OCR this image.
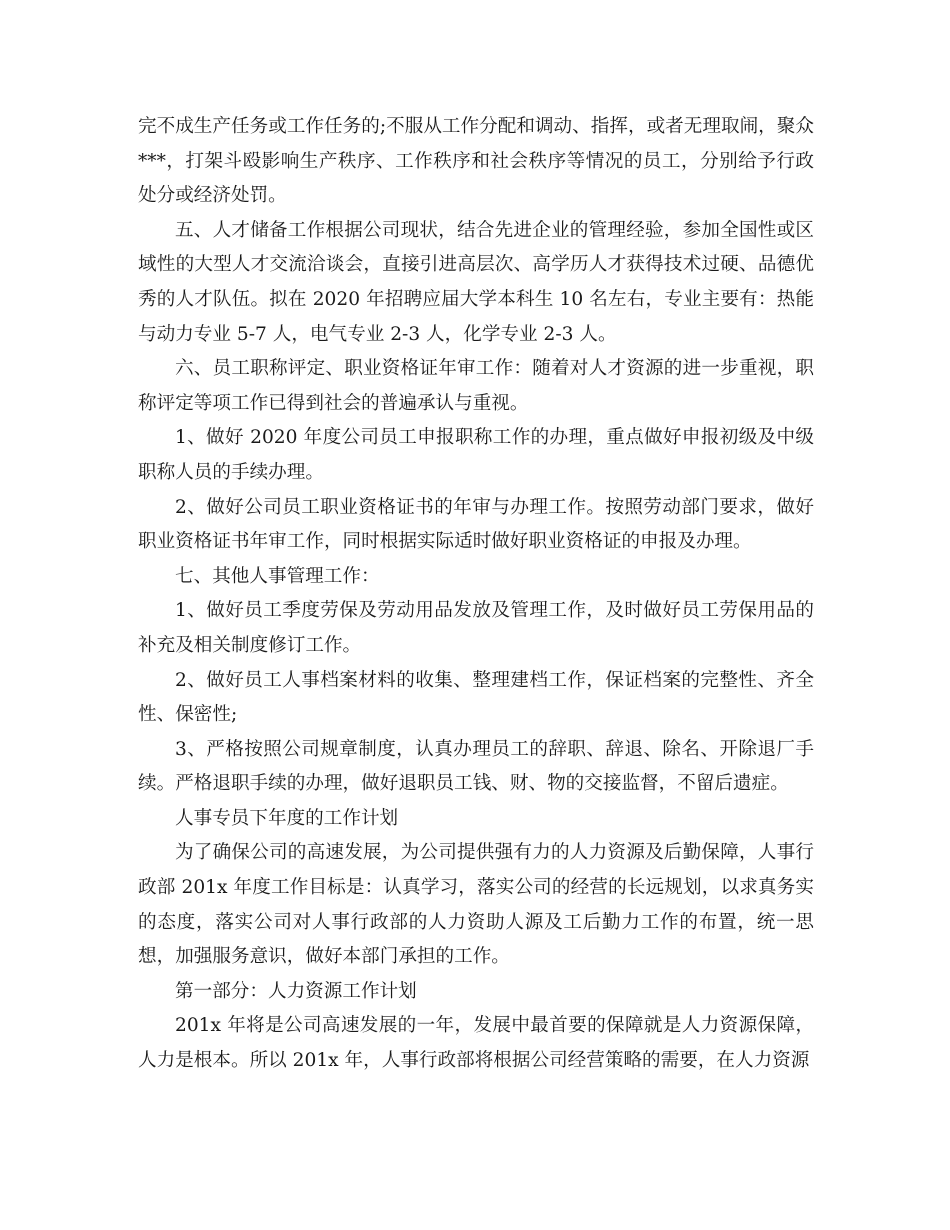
完不成生产任务或工作任务的;不服从工作分配和调动、指挥，或者无理取闹，聚众***，打架斗殴影响生产秩序、工作秩序和社会秩序等情况的员工，分别给予行政处分或经济处罚。

五、人才储备工作根据公司现状，结合先进企业的管理经验，参加全国性或区域性的大型人才交流洽谈会，直接引进高层次、高学历人才获得技术过硬、品德优秀的人才队伍。拟在 2020 年招聘应届大学本科生 10 名左右，专业主要有：热能与动力专业 5-7 人，电气专业 2-3 人，化学专业 2-3 人。

六、员工职称评定、职业资格证年审工作：随着对人才资源的进一步重视，职称评定等项工作已得到社会的普遍承认与重视。

1、做好 2020 年度公司员工申报职称工作的办理，重点做好申报初级及中级职称人员的手续办理。

2、做好公司员工职业资格证书的年审与办理工作。按照劳动部门要求，做好职业资格证书年审工作，同时根据实际适时做好职业资格证的申报及办理。

七、其他人事管理工作：

1、做好员工季度劳保及劳动用品发放及管理工作，及时做好员工劳保用品的补充及相关制度修订工作。

2、做好员工人事档案材料的收集、整理建档工作，保证档案的完整性、齐全性、保密性;

3、严格按照公司规章制度，认真办理员工的辞职、辞退、除名、开除退厂手续。严格退职手续的办理，做好退职员工钱、财、物的交接监督，不留后遗症。

人事专员下年度的工作计划

为了确保公司的高速发展，为公司提供强有力的人力资源及后勤保障，人事行政部 201x 年度工作目标是：认真学习，落实公司的经营的长远规划，以求真务实的态度，落实公司对人事行政部的人力资助人源及工后勤力工作的布置，统一思想，加强服务意识，做好本部门承担的工作。

第一部分：人力资源工作计划

201x 年将是公司高速发展的一年，发展中最首要的保障就是人力资源保障，人力是根本。所以 201x 年，人事行政部将根据公司经营策略的需要，在人力资源
